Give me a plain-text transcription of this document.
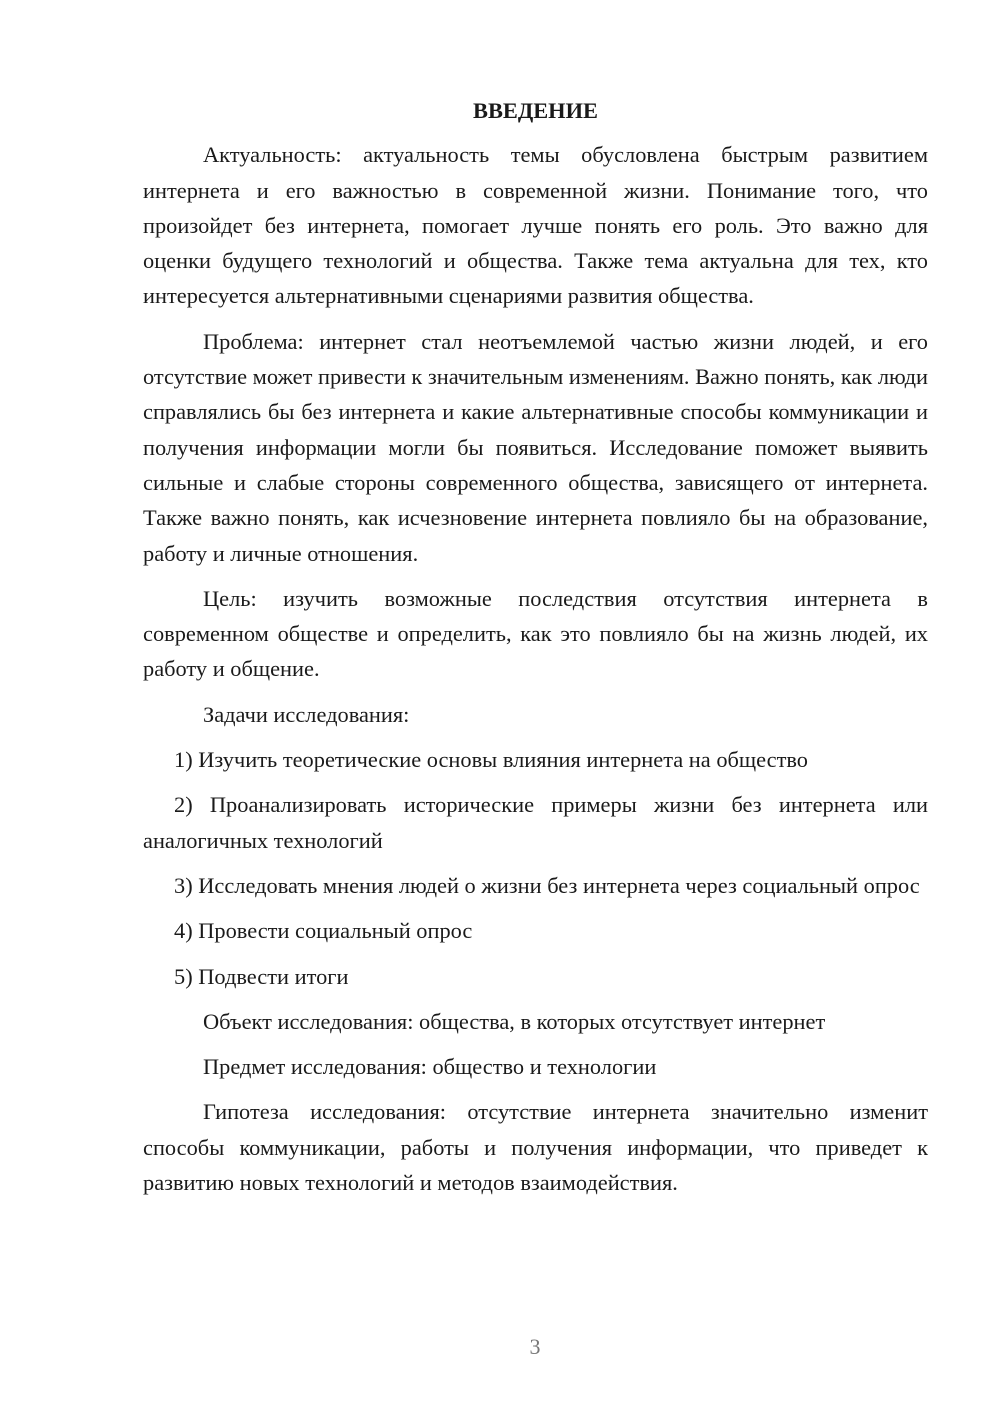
ВВЕДЕНИЕ

Актуальность: актуальность темы обусловлена быстрым развитием интернета и его важностью в современной жизни. Понимание того, что произойдет без интернета, помогает лучше понять его роль. Это важно для оценки будущего технологий и общества. Также тема актуальна для тех, кто интересуется альтернативными сценариями развития общества.

Проблема: интернет стал неотъемлемой частью жизни людей, и его отсутствие может привести к значительным изменениям. Важно понять, как люди справлялись бы без интернета и какие альтернативные способы коммуникации и получения информации могли бы появиться. Исследование поможет выявить сильные и слабые стороны современного общества, зависящего от интернета. Также важно понять, как исчезновение интернета повлияло бы на образование, работу и личные отношения.

Цель: изучить возможные последствия отсутствия интернета в современном обществе и определить, как это повлияло бы на жизнь людей, их работу и общение.

Задачи исследования:

1) Изучить теоретические основы влияния интернета на общество

2) Проанализировать исторические примеры жизни без интернета или аналогичных технологий

3) Исследовать мнения людей о жизни без интернета через социальный опрос

4) Провести социальный опрос

5) Подвести итоги

Объект исследования: общества, в которых отсутствует интернет

Предмет исследования: общество и технологии

Гипотеза исследования: отсутствие интернета значительно изменит способы коммуникации, работы и получения информации, что приведет к развитию новых технологий и методов взаимодействия.

3
